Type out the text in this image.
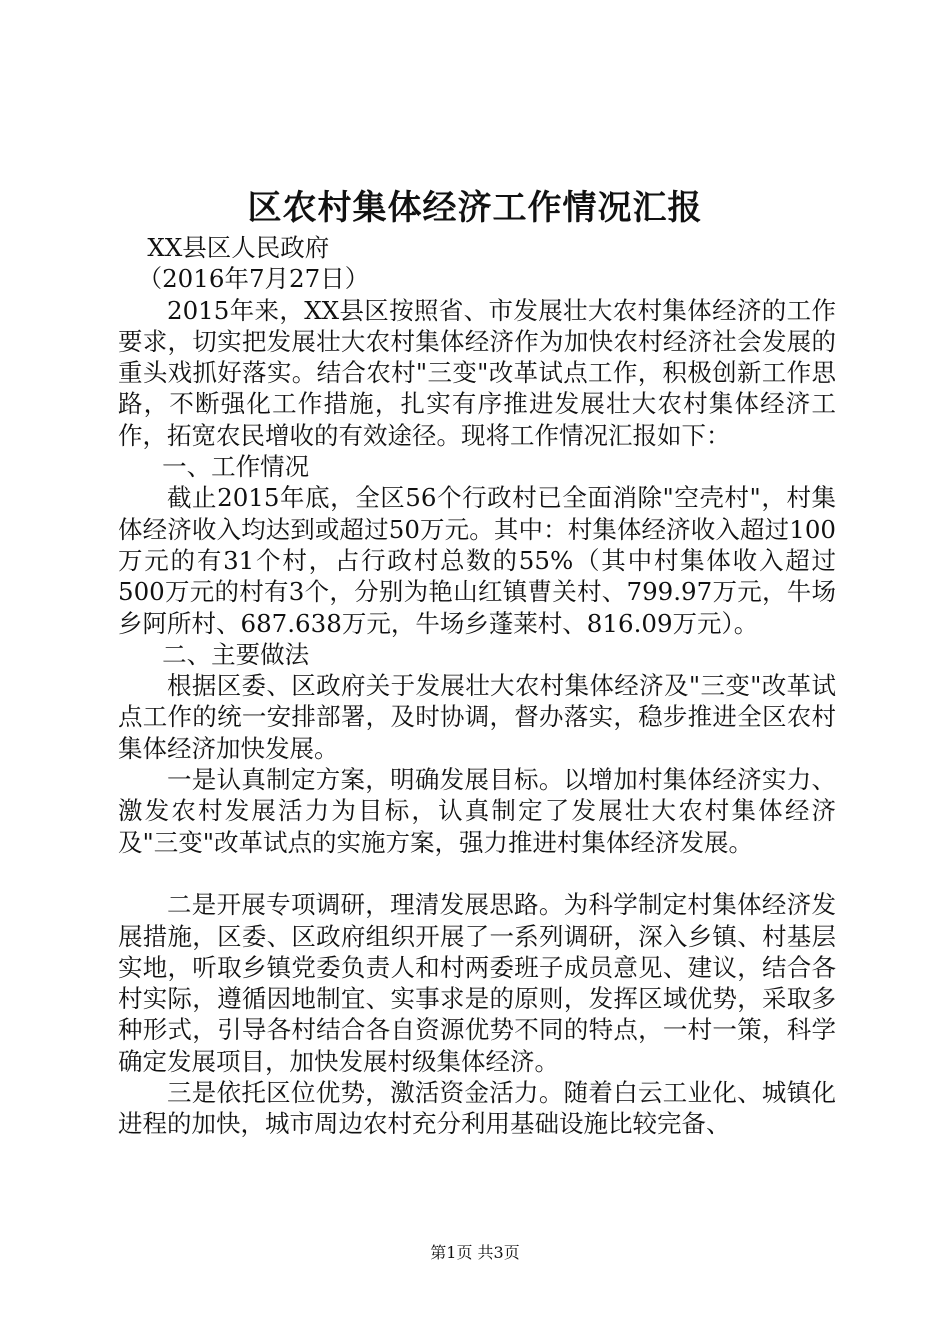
区农村集体经济工作情况汇报

XX县区人民政府

（2016年7月27日）

2015年来，XX县区按照省、市发展壮大农村集体经济的工作要求，切实把发展壮大农村集体经济作为加快农村经济社会发展的重头戏抓好落实。结合农村"三变"改革试点工作，积极创新工作思路，不断强化工作措施，扎实有序推进发展壮大农村集体经济工作，拓宽农民增收的有效途径。现将工作情况汇报如下：

一、工作情况

截止2015年底，全区56个行政村已全面消除"空壳村"，村集体经济收入均达到或超过50万元。其中：村集体经济收入超过100万元的有31个村，占行政村总数的55%（其中村集体收入超过500万元的村有3个，分别为艳山红镇曹关村、799.97万元，牛场乡阿所村、687.638万元，牛场乡蓬莱村、816.09万元）。

二、主要做法

根据区委、区政府关于发展壮大农村集体经济及"三变"改革试点工作的统一安排部署，及时协调，督办落实，稳步推进全区农村集体经济加快发展。

一是认真制定方案，明确发展目标。以增加村集体经济实力、激发农村发展活力为目标，认真制定了发展壮大农村集体经济及"三变"改革试点的实施方案，强力推进村集体经济发展。

二是开展专项调研，理清发展思路。为科学制定村集体经济发展措施，区委、区政府组织开展了一系列调研，深入乡镇、村基层实地，听取乡镇党委负责人和村两委班子成员意见、建议，结合各村实际，遵循因地制宜、实事求是的原则，发挥区域优势，采取多种形式，引导各村结合各自资源优势不同的特点，一村一策，科学确定发展项目，加快发展村级集体经济。

三是依托区位优势，激活资金活力。随着白云工业化、城镇化进程的加快，城市周边农村充分利用基础设施比较完备、

第1页 共3页
